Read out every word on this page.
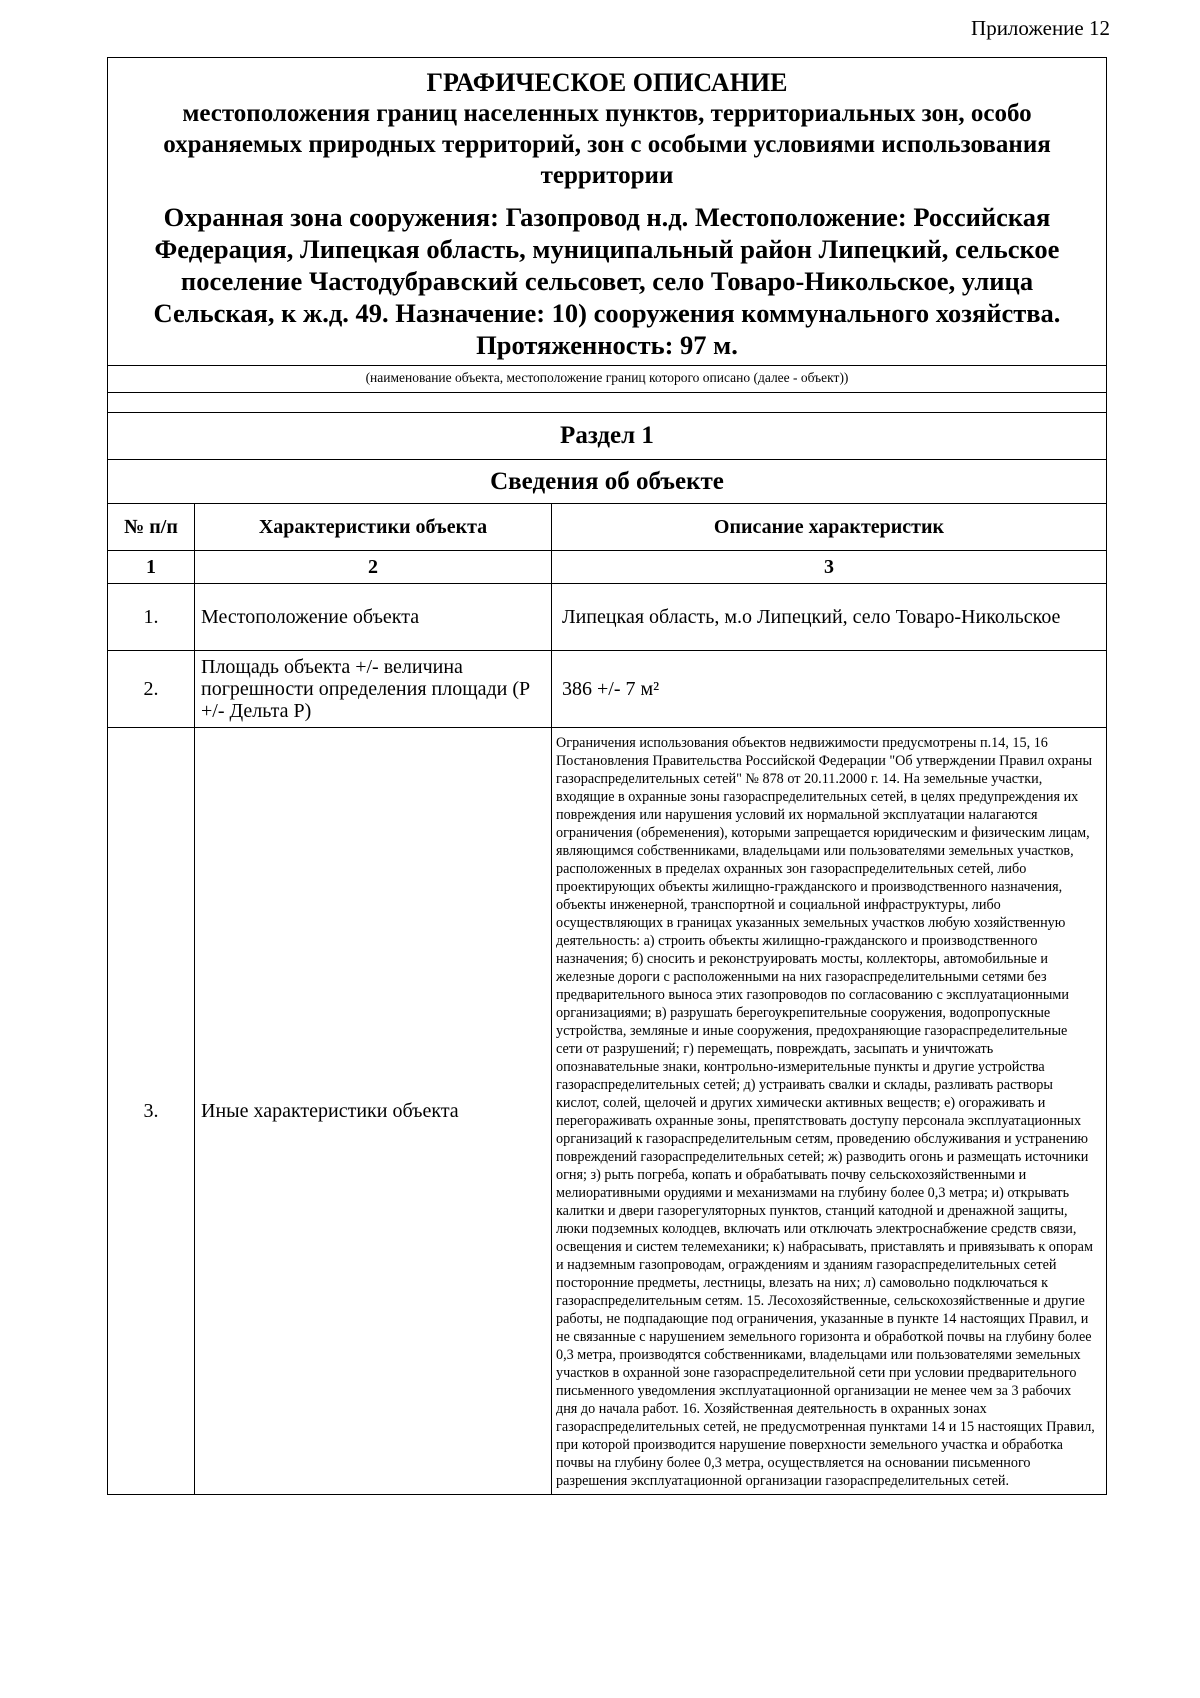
Приложение 12
ГРАФИЧЕСКОЕ ОПИСАНИЕ
местоположения границ населенных пунктов, территориальных зон, особо охраняемых природных территорий, зон с особыми условиями использования территории
Охранная зона сооружения: Газопровод н.д. Местоположение: Российская Федерация, Липецкая область, муниципальный район Липецкий, сельское поселение Частодубравский сельсовет, село Товаро-Никольское, улица Сельская, к ж.д. 49. Назначение: 10) сооружения коммунального хозяйства. Протяженность: 97 м.
(наименование объекта, местоположение границ которого описано (далее - объект))
Раздел 1
Сведения об объекте
№ п/п	Характеристики объекта	Описание характеристик
1	2	3
1.	Местоположение объекта	Липецкая область, м.о Липецкий, село Товаро-Никольское
2.	Площадь объекта +/- величина погрешности определения площади (P +/- Дельта P)	386 +/- 7 м²
3.	Иные характеристики объекта	Ограничения использования объектов недвижимости предусмотрены п.14, 15, 16 Постановления Правительства Российской Федерации "Об утверждении Правил охраны газораспределительных сетей" № 878 от 20.11.2000 г. 14. На земельные участки, входящие в охранные зоны газораспределительных сетей, в целях предупреждения их повреждения или нарушения условий их нормальной эксплуатации налагаются ограничения (обременения), которыми запрещается юридическим и физическим лицам, являющимся собственниками, владельцами или пользователями земельных участков, расположенных в пределах охранных зон газораспределительных сетей, либо проектирующих объекты жилищно-гражданского и производственного назначения, объекты инженерной, транспортной и социальной инфраструктуры, либо осуществляющих в границах указанных земельных участков любую хозяйственную деятельность: а) строить объекты жилищно-гражданского и производственного назначения; б) сносить и реконструировать мосты, коллекторы, автомобильные и железные дороги с расположенными на них газораспределительными сетями без предварительного выноса этих газопроводов по согласованию с эксплуатационными организациями; в) разрушать берегоукрепительные сооружения, водопропускные устройства, земляные и иные сооружения, предохраняющие газораспределительные сети от разрушений; г) перемещать, повреждать, засыпать и уничтожать опознавательные знаки, контрольно-измерительные пункты и другие устройства газораспределительных сетей; д) устраивать свалки и склады, разливать растворы кислот, солей, щелочей и других химически активных веществ; е) огораживать и перегораживать охранные зоны, препятствовать доступу персонала эксплуатационных организаций к газораспределительным сетям, проведению обслуживания и устранению повреждений газораспределительных сетей; ж) разводить огонь и размещать источники огня; з) рыть погреба, копать и обрабатывать почву сельскохозяйственными и мелиоративными орудиями и механизмами на глубину более 0,3 метра; и) открывать калитки и двери газорегуляторных пунктов, станций катодной и дренажной защиты, люки подземных колодцев, включать или отключать электроснабжение средств связи, освещения и систем телемеханики; к) набрасывать, приставлять и привязывать к опорам и надземным газопроводам, ограждениям и зданиям газораспределительных сетей посторонние предметы, лестницы, влезать на них; л) самовольно подключаться к газораспределительным сетям. 15. Лесохозяйственные, сельскохозяйственные и другие работы, не подпадающие под ограничения, указанные в пункте 14 настоящих Правил, и не связанные с нарушением земельного горизонта и обработкой почвы на глубину более 0,3 метра, производятся собственниками, владельцами или пользователями земельных участков в охранной зоне газораспределительной сети при условии предварительного письменного уведомления эксплуатационной организации не менее чем за 3 рабочих дня до начала работ. 16. Хозяйственная деятельность в охранных зонах газораспределительных сетей, не предусмотренная пунктами 14 и 15 настоящих Правил, при которой производится нарушение поверхности земельного участка и обработка почвы на глубину более 0,3 метра, осуществляется на основании письменного разрешения эксплуатационной организации газораспределительных сетей.
